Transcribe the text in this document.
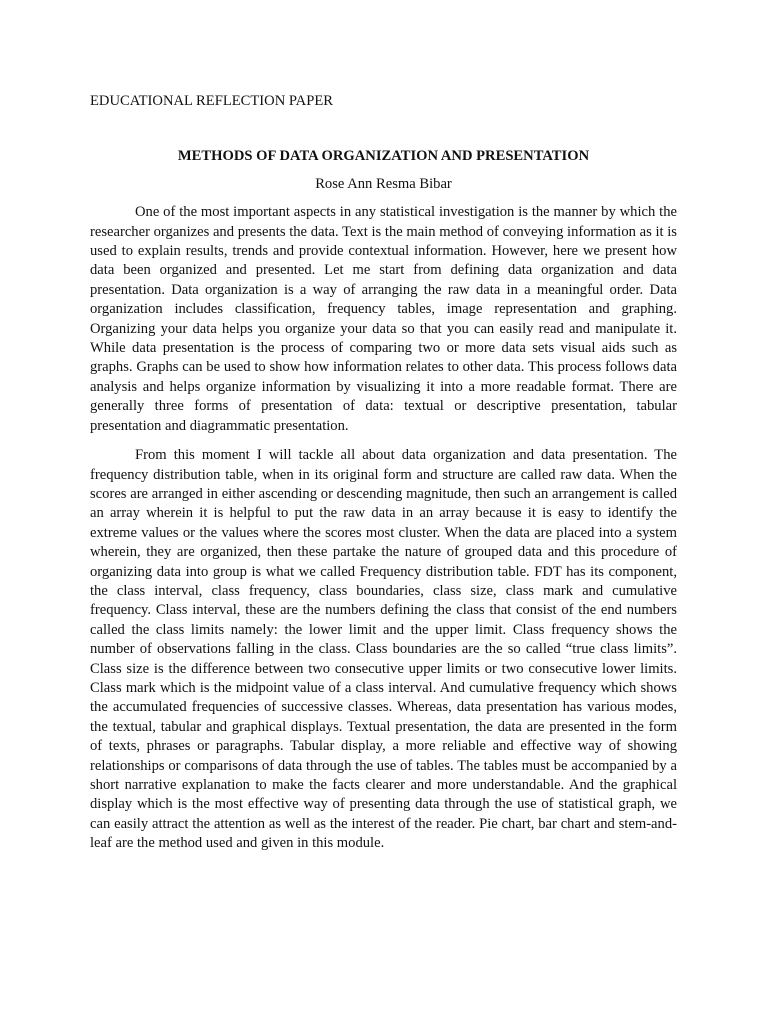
EDUCATIONAL REFLECTION PAPER
METHODS OF DATA ORGANIZATION AND PRESENTATION
Rose Ann Resma Bibar

One of the most important aspects in any statistical investigation is the manner by which the researcher organizes and presents the data. Text is the main method of conveying information as it is used to explain results, trends and provide contextual information. However, here we present how data been organized and presented. Let me start from defining data organization and data presentation. Data organization is a way of arranging the raw data in a meaningful order. Data organization includes classification, frequency tables, image representation and graphing. Organizing your data helps you organize your data so that you can easily read and manipulate it. While data presentation is the process of comparing two or more data sets visual aids such as graphs. Graphs can be used to show how information relates to other data. This process follows data analysis and helps organize information by visualizing it into a more readable format. There are generally three forms of presentation of data: textual or descriptive presentation, tabular presentation and diagrammatic presentation.

From this moment I will tackle all about data organization and data presentation. The frequency distribution table, when in its original form and structure are called raw data. When the scores are arranged in either ascending or descending magnitude, then such an arrangement is called an array wherein it is helpful to put the raw data in an array because it is easy to identify the extreme values or the values where the scores most cluster. When the data are placed into a system wherein, they are organized, then these partake the nature of grouped data and this procedure of organizing data into group is what we called Frequency distribution table. FDT has its component, the class interval, class frequency, class boundaries, class size, class mark and cumulative frequency. Class interval, these are the numbers defining the class that consist of the end numbers called the class limits namely: the lower limit and the upper limit. Class frequency shows the number of observations falling in the class. Class boundaries are the so called “true class limits”. Class size is the difference between two consecutive upper limits or two consecutive lower limits. Class mark which is the midpoint value of a class interval. And cumulative frequency which shows the accumulated frequencies of successive classes. Whereas, data presentation has various modes, the textual, tabular and graphical displays. Textual presentation, the data are presented in the form of texts, phrases or paragraphs. Tabular display, a more reliable and effective way of showing relationships or comparisons of data through the use of tables. The tables must be accompanied by a short narrative explanation to make the facts clearer and more understandable. And the graphical display which is the most effective way of presenting data through the use of statistical graph, we can easily attract the attention as well as the interest of the reader. Pie chart, bar chart and stem-and-leaf are the method used and given in this module.
